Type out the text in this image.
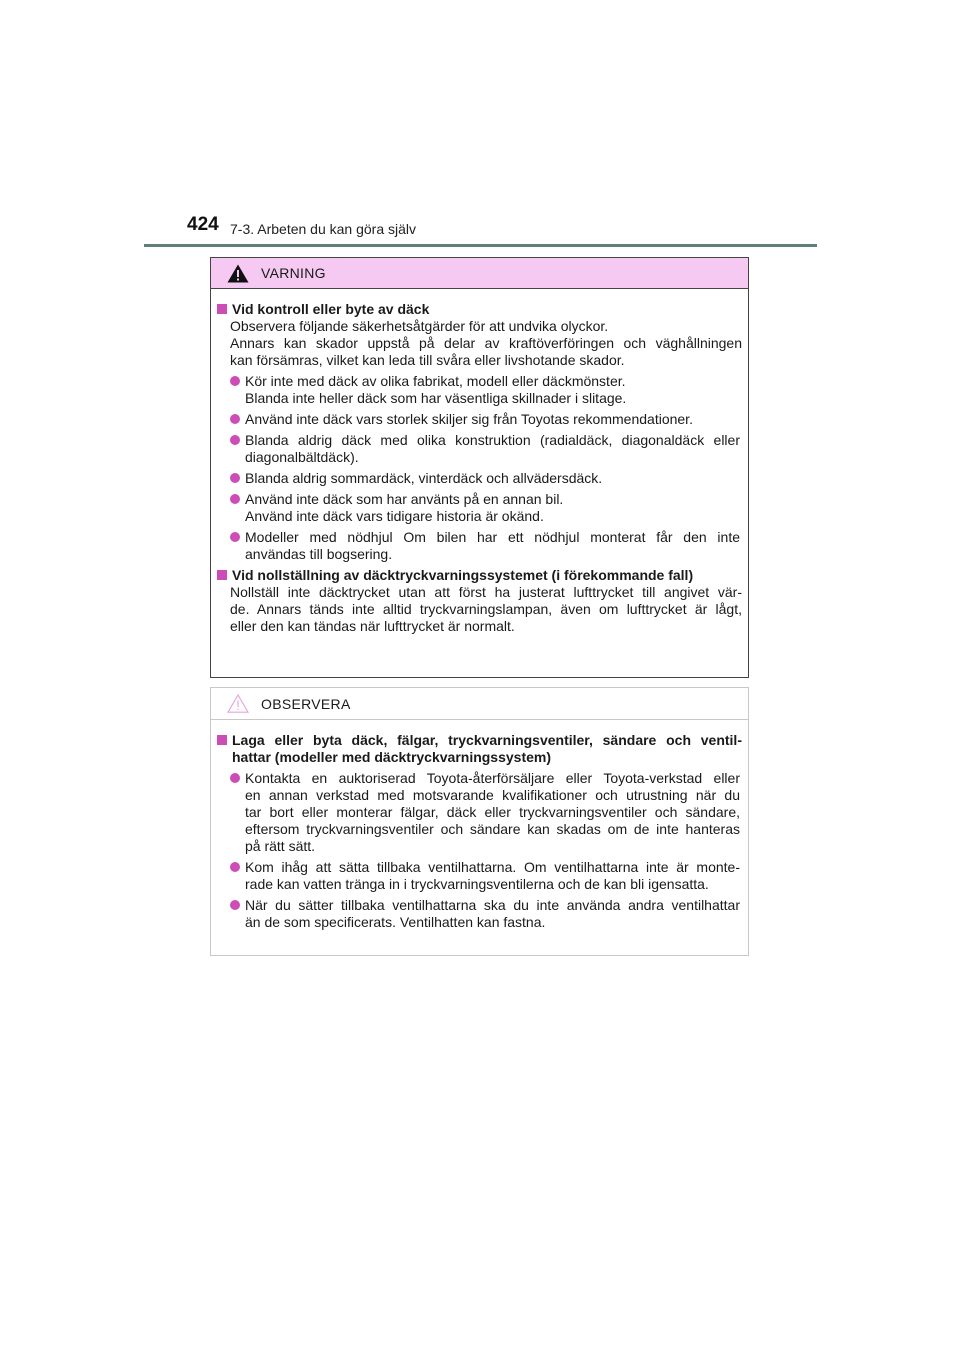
424 7-3. Arbeten du kan göra själv
VARNING
Vid kontroll eller byte av däck
Observera följande säkerhetsåtgärder för att undvika olyckor.
Annars kan skador uppstå på delar av kraftöverföringen och väghållningen
kan försämras, vilket kan leda till svåra eller livshotande skador.
Kör inte med däck av olika fabrikat, modell eller däckmönster.
Blanda inte heller däck som har väsentliga skillnader i slitage.
Använd inte däck vars storlek skiljer sig från Toyotas rekommendationer.
Blanda aldrig däck med olika konstruktion (radialdäck, diagonaldäck eller
diagonalbältdäck).
Blanda aldrig sommardäck, vinterdäck och allvädersdäck.
Använd inte däck som har använts på en annan bil.
Använd inte däck vars tidigare historia är okänd.
Modeller med nödhjul Om bilen har ett nödhjul monterat får den inte
användas till bogsering.
Vid nollställning av däcktryckvarningssystemet (i förekommande fall)
Nollställ inte däcktrycket utan att först ha justerat lufttrycket till angivet vär-
de. Annars tänds inte alltid tryckvarningslampan, även om lufttrycket är lågt,
eller den kan tändas när lufttrycket är normalt.
OBSERVERA
Laga eller byta däck, fälgar, tryckvarningsventiler, sändare och ventil-
hattar (modeller med däcktryckvarningssystem)
Kontakta en auktoriserad Toyota-återförsäljare eller Toyota-verkstad eller
en annan verkstad med motsvarande kvalifikationer och utrustning när du
tar bort eller monterar fälgar, däck eller tryckvarningsventiler och sändare,
eftersom tryckvarningsventiler och sändare kan skadas om de inte hanteras
på rätt sätt.
Kom ihåg att sätta tillbaka ventilhattarna. Om ventilhattarna inte är monte-
rade kan vatten tränga in i tryckvarningsventilerna och de kan bli igensatta.
När du sätter tillbaka ventilhattarna ska du inte använda andra ventilhattar
än de som specificerats. Ventilhatten kan fastna.
